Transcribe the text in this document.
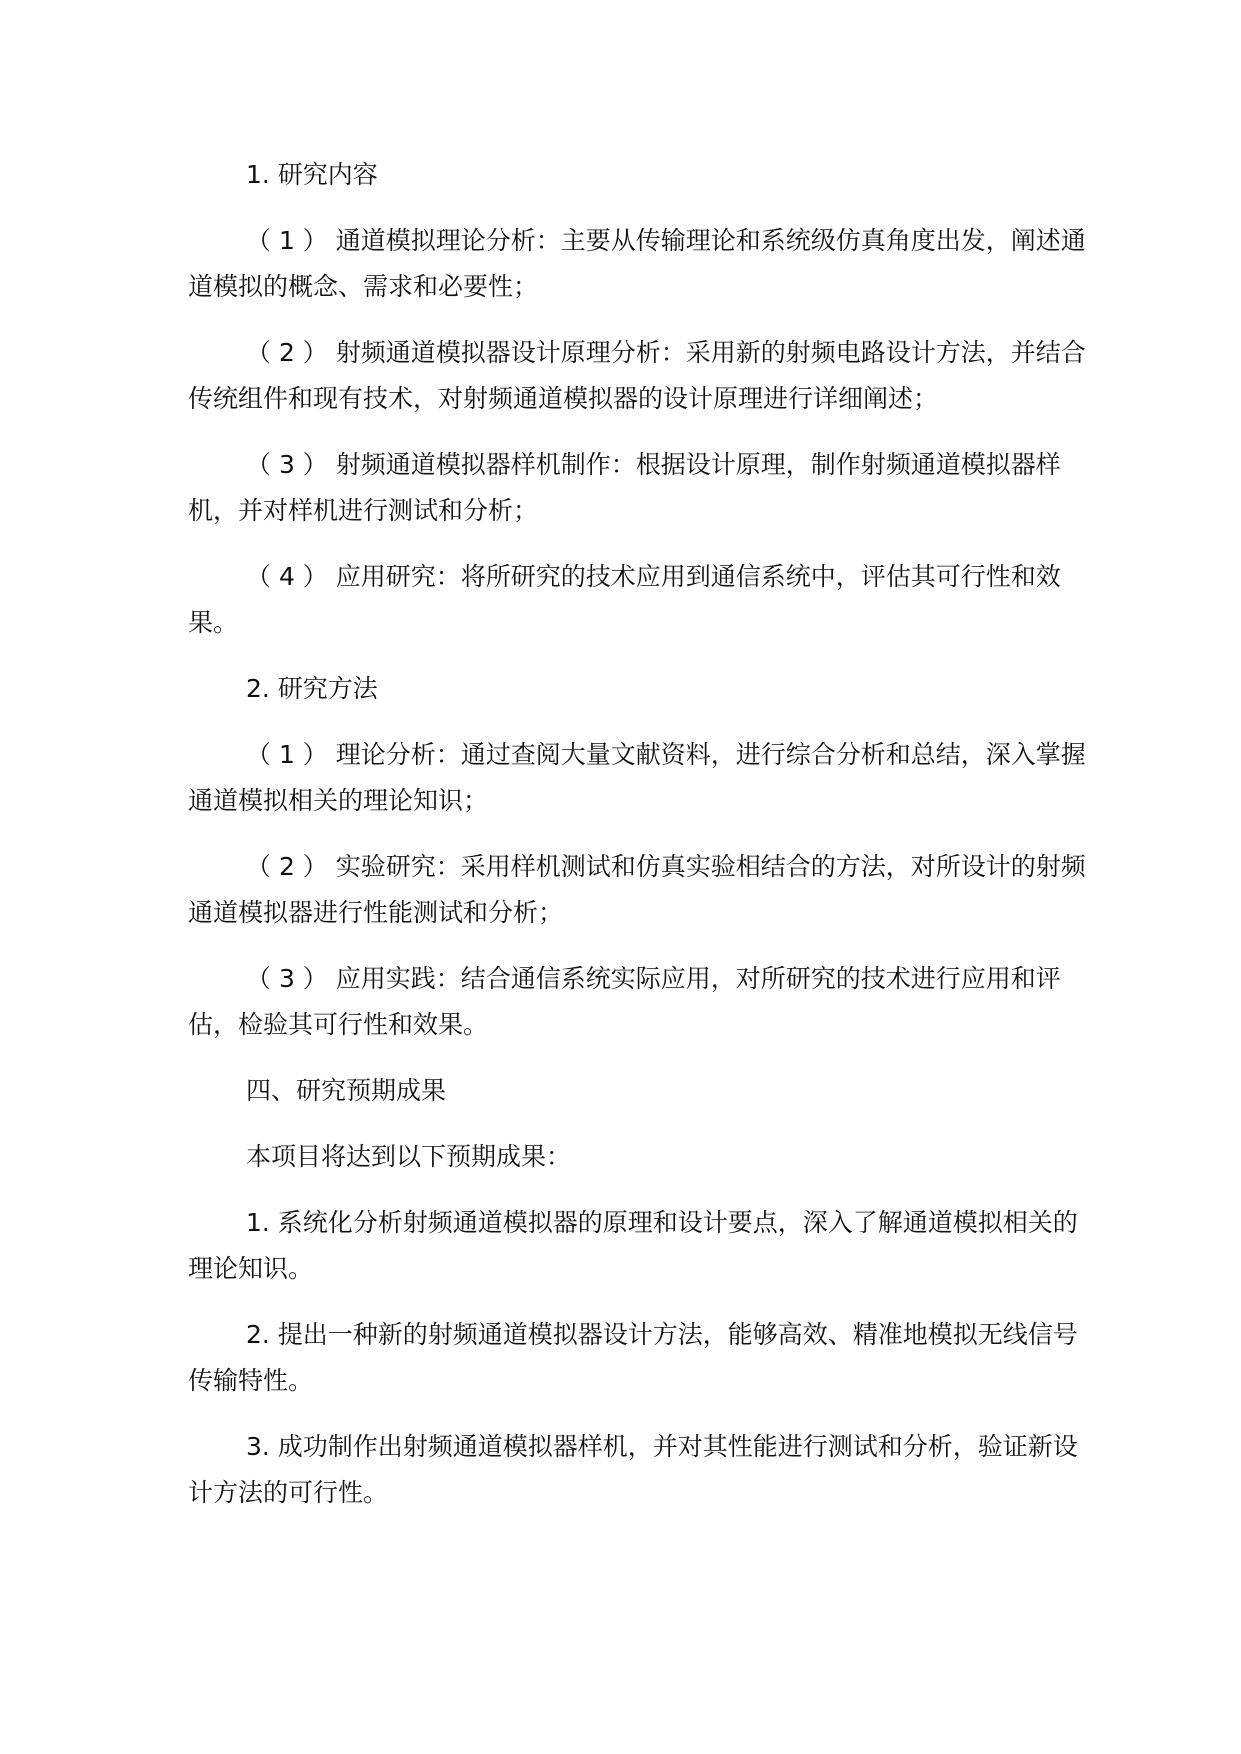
1. 研究内容

（ 1 ） 通道模拟理论分析：主要从传输理论和系统级仿真角度出发，阐述通道模拟的概念、需求和必要性；

（ 2 ） 射频通道模拟器设计原理分析：采用新的射频电路设计方法，并结合传统组件和现有技术，对射频通道模拟器的设计原理进行详细阐述；

（ 3 ） 射频通道模拟器样机制作：根据设计原理，制作射频通道模拟器样机，并对样机进行测试和分析；

（ 4 ） 应用研究：将所研究的技术应用到通信系统中，评估其可行性和效果。

2. 研究方法

（ 1 ） 理论分析：通过查阅大量文献资料，进行综合分析和总结，深入掌握通道模拟相关的理论知识；

（ 2 ） 实验研究：采用样机测试和仿真实验相结合的方法，对所设计的射频通道模拟器进行性能测试和分析；

（ 3 ） 应用实践：结合通信系统实际应用，对所研究的技术进行应用和评估，检验其可行性和效果。

四、研究预期成果

本项目将达到以下预期成果：

1. 系统化分析射频通道模拟器的原理和设计要点，深入了解通道模拟相关的理论知识。

2. 提出一种新的射频通道模拟器设计方法，能够高效、精准地模拟无线信号传输特性。

3. 成功制作出射频通道模拟器样机，并对其性能进行测试和分析，验证新设计方法的可行性。
